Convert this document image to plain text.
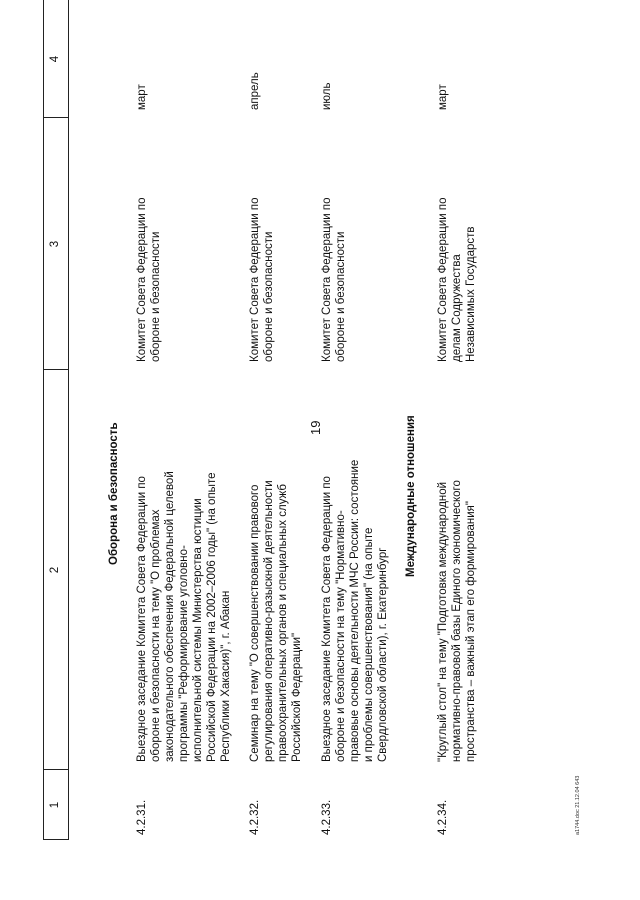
19
1
2
3
4
Оборона и безопасность
4.2.31.
Выездное заседание Комитета Совета Федерации по обороне и безопасности на тему "О проблемах законодательного обеспечения Федеральной целевой программы "Реформирование уголовно- исполнительной системы Министерства юстиции Российской Федерации на 2002–2006 годы" (на опыте Республики Хакасия)", г. Абакан
Комитет Совета Федерации по обороне и безопасности
март
4.2.32.
Семинар на тему "О совершенствовании правового регулирования оперативно-разыскной деятельности правоохранительных органов и специальных служб Российской Федерации"
Комитет Совета Федерации по обороне и безопасности
апрель
4.2.33.
Выездное заседание Комитета Совета Федерации по обороне и безопасности на тему "Нормативно- правовые основы деятельности МЧС России: состояние и проблемы совершенствования" (на опыте Свердловской области), г. Екатеринбург
Комитет Совета Федерации по обороне и безопасности
июль
Международные отношения
4.2.34.
"Круглый стол" на тему "Подготовка международной нормативно-правовой базы Единого экономического пространства – важный этап его формирования"
Комитет Совета Федерации по делам Содружества Независимых Государств
март
a1744.doc 21.12.04 643
